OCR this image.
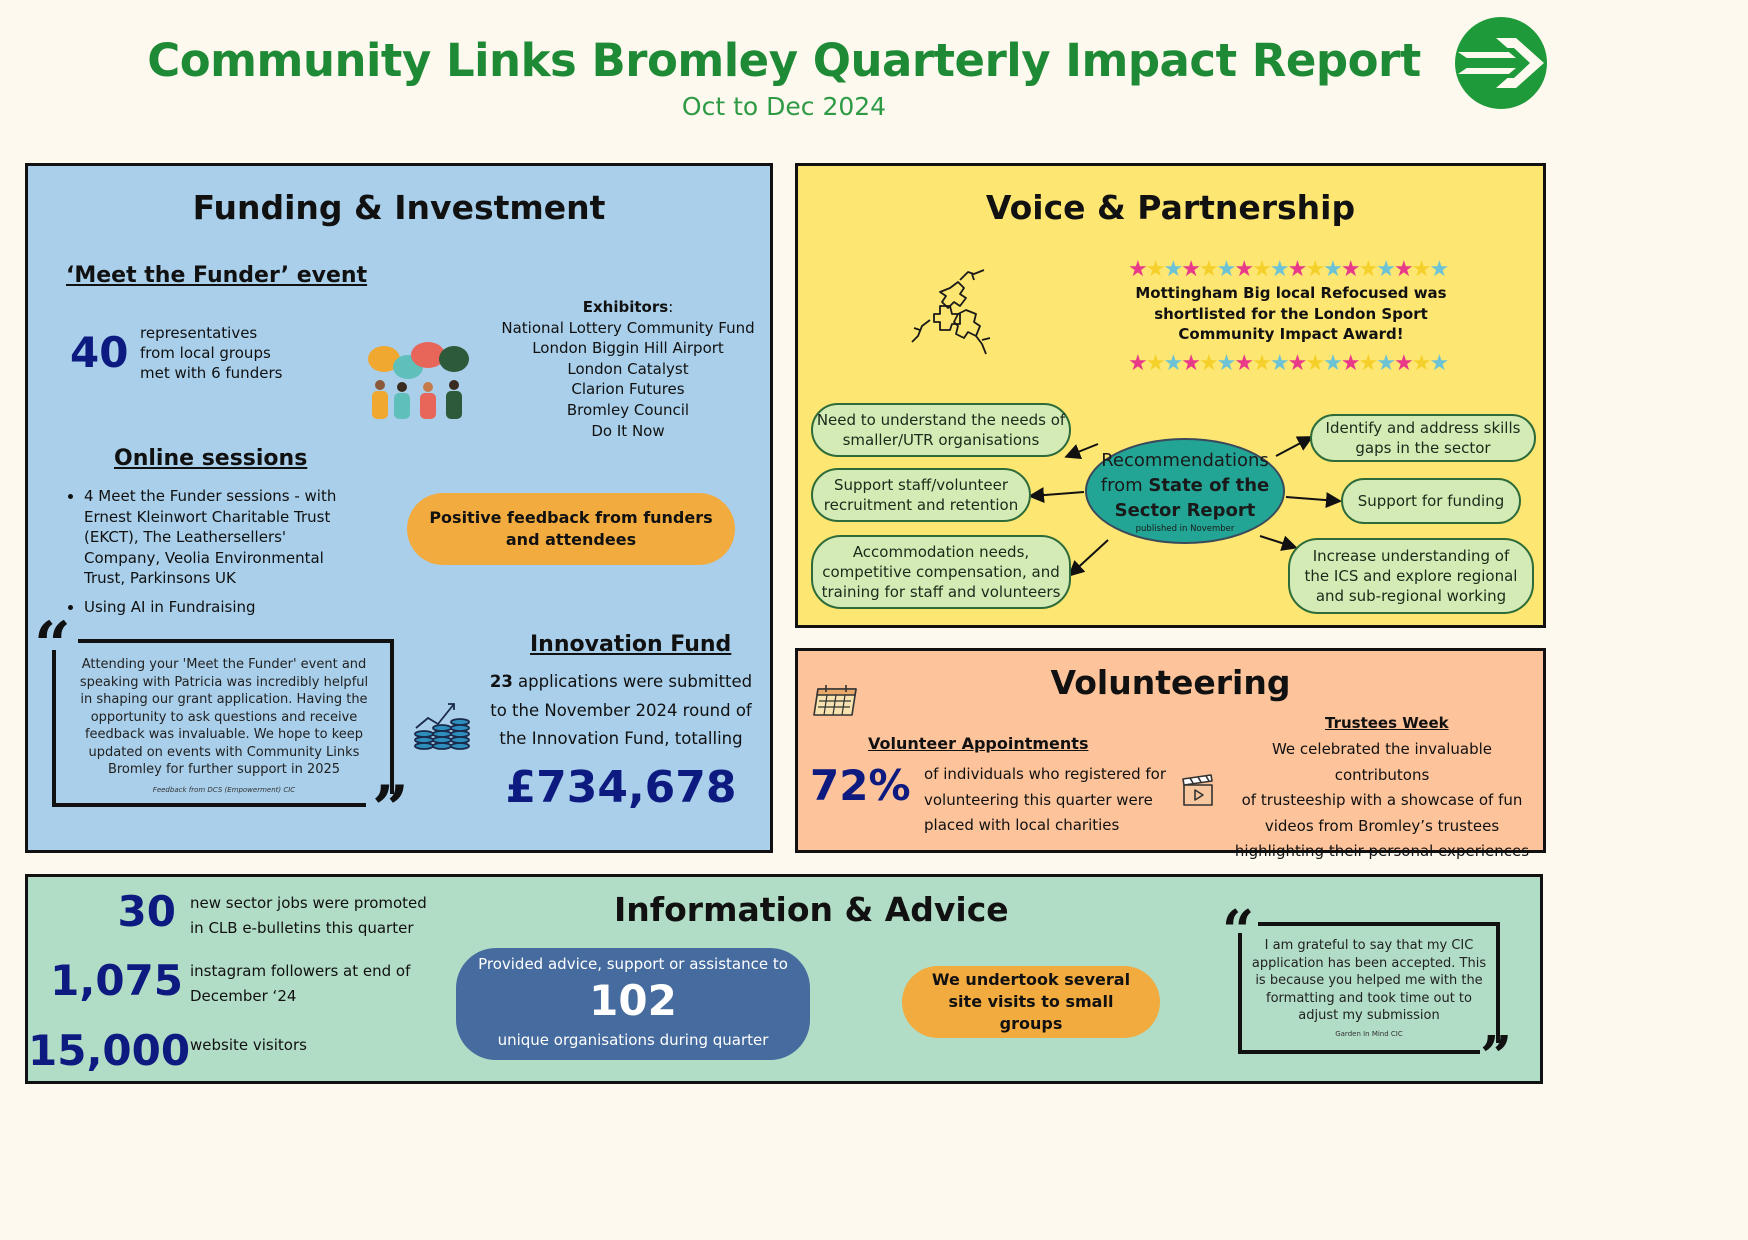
Community Links Bromley Quarterly Impact Report
Oct to Dec 2024
Funding & Investment
‘Meet the Funder’ event
40 representatives
from local groups
met with 6 funders
Exhibitors:
National Lottery Community Fund
London Biggin Hill Airport
London Catalyst
Clarion Futures
Bromley Council
Do It Now
Online sessions
• 4 Meet the Funder sessions - with Ernest Kleinwort Charitable Trust (EKCT), The Leathersellers' Company, Veolia Environmental Trust, Parkinsons UK
• Using AI in Fundraising
Positive feedback from funders and attendees
“
”
Attending your 'Meet the Funder' event and speaking with Patricia was incredibly helpful in shaping our grant application. Having the opportunity to ask questions and receive feedback was invaluable. We hope to keep updated on events with Community Links Bromley for further support in 2025
Feedback from DCS (Empowerment) CIC
Innovation Fund
23 applications were submitted
to the November 2024 round of
the Innovation Fund, totalling
£734,678
Voice & Partnership
★★★★★★★★★★★★★★★★★★
Mottingham Big local Refocused was shortlisted for the London Sport Community Impact Award!
★★★★★★★★★★★★★★★★★★
Recommendations
from State of the
Sector Report
published in November
Need to understand the needs of smaller/UTR organisations
Support staff/volunteer recruitment and retention
Accommodation needs, competitive compensation, and training for staff and volunteers
Identify and address skills gaps in the sector
Support for funding
Increase understanding of the ICS and explore regional and sub-regional working
Volunteering
Volunteer Appointments
72% of individuals who registered for
volunteering this quarter were
placed with local charities
Trustees Week
We celebrated the invaluable contributons
of trusteeship with a showcase of fun
videos from Bromley’s trustees
highlighting their personal experiences
Information & Advice
30 new sector jobs were promoted
in CLB e-bulletins this quarter
1,075 instagram followers at end of
December ‘24
15,000 website visitors
Provided advice, support or assistance to
102
unique organisations during quarter
We undertook several site visits to small groups
“
”
I am grateful to say that my CIC application has been accepted. This is because you helped me with the formatting and took time out to adjust my submission
Garden In Mind CIC
